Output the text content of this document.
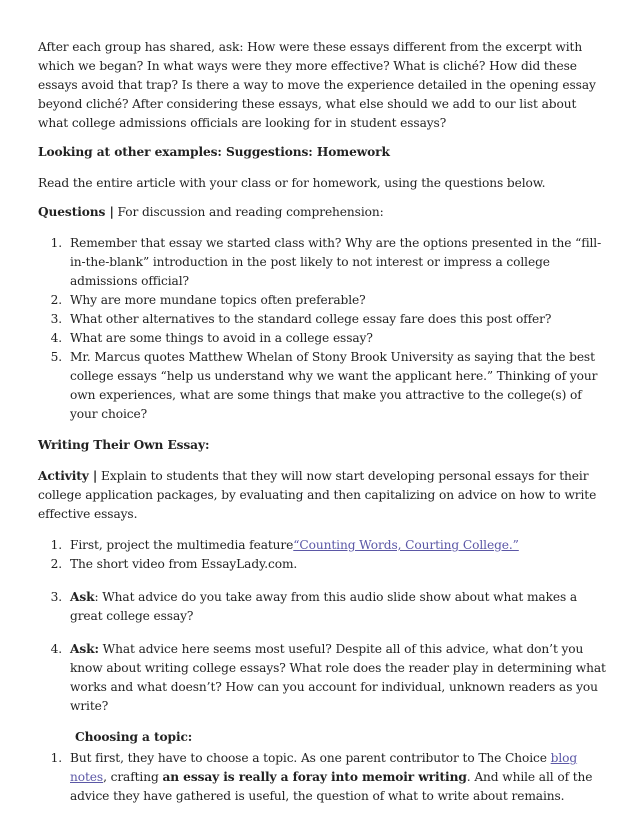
After each group has shared, ask: How were these essays different from the excerpt with which we began? In what ways were they more effective? What is cliché? How did these essays avoid that trap? Is there a way to move the experience detailed in the opening essay beyond cliché? After considering these essays, what else should we add to our list about what college admissions officials are looking for in student essays?

Looking at other examples: Suggestions: Homework

Read the entire article with your class or for homework, using the questions below.

Questions | For discussion and reading comprehension:

1. Remember that essay we started class with? Why are the options presented in the “fill-in-the-blank” introduction in the post likely to not interest or impress a college admissions official?
2. Why are more mundane topics often preferable?
3. What other alternatives to the standard college essay fare does this post offer?
4. What are some things to avoid in a college essay?
5. Mr. Marcus quotes Matthew Whelan of Stony Brook University as saying that the best college essays “help us understand why we want the applicant here.” Thinking of your own experiences, what are some things that make you attractive to the college(s) of your choice?

Writing Their Own Essay:

Activity | Explain to students that they will now start developing personal essays for their college application packages, by evaluating and then capitalizing on advice on how to write effective essays.

1. First, project the multimedia feature“Counting Words, Courting College.”
2. The short video from EssayLady.com.
3. Ask: What advice do you take away from this audio slide show about what makes a great college essay?
4. Ask: What advice here seems most useful? Despite all of this advice, what don’t you know about writing college essays? What role does the reader play in determining what works and what doesn’t? How can you account for individual, unknown readers as you write?

Choosing a topic:

1. But first, they have to choose a topic. As one parent contributor to The Choice blog notes, crafting an essay is really a foray into memoir writing. And while all of the advice they have gathered is useful, the question of what to write about remains.
